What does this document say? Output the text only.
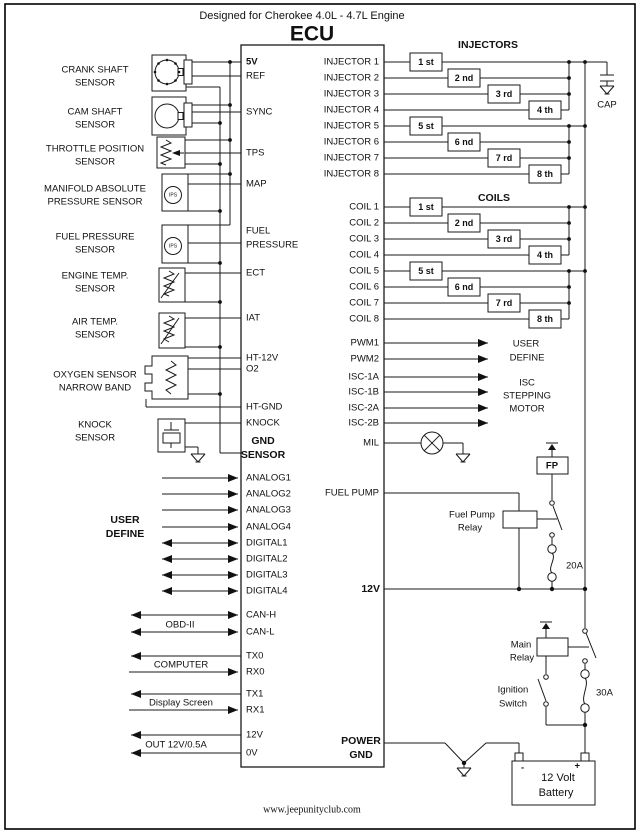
Designed for Cherokee 4.0L - 4.7L Engine
ECU	INJECTORS
COILS
CAP
FP
20A
Fuel Pump
Relay
30A
Main
Relay
Ignition
Switch
-	+
12 Volt
Battery
1 st
2 nd
3 rd
4 th
5 st
6 nd
7 rd
8 th
1 st
2 nd
3 rd
4 th
5 st
6 nd
7 rd
8 th
IPS
IPS
5V
REF
SYNC
TPS
MAP
FUEL
PRESSURE
ECT
IAT
HT-12V
O2
HT-GND
KNOCK
GND
SENSOR
ANALOG1
ANALOG2
ANALOG3
ANALOG4
DIGITAL1
DIGITAL2
DIGITAL3
DIGITAL4
CAN-H
CAN-L
TX0
RX0
TX1
RX1
12V
0V
INJECTOR 1
INJECTOR 2
INJECTOR 3
INJECTOR 4
INJECTOR 5
INJECTOR 6
INJECTOR 7
INJECTOR 8
COIL 1
COIL 2
COIL 3
COIL 4
COIL 5
COIL 6
COIL 7
COIL 8
PWM1
PWM2
ISC-1A
ISC-1B
ISC-2A
ISC-2B
MIL
FUEL PUMP
12V
POWER
GND
CRANK SHAFT
SENSOR
CAM SHAFT
SENSOR
THROTTLE POSITION
SENSOR
MANIFOLD ABSOLUTE
PRESSURE SENSOR
FUEL PRESSURE
SENSOR
ENGINE TEMP.
SENSOR
AIR TEMP.
SENSOR
OXYGEN SENSOR
NARROW BAND
KNOCK
SENSOR
USER
DEFINE
OBD-II
COMPUTER
Display Screen
OUT 12V/0.5A
USER
DEFINE
ISC
STEPPING
MOTOR
www.jeepunityclub.com
